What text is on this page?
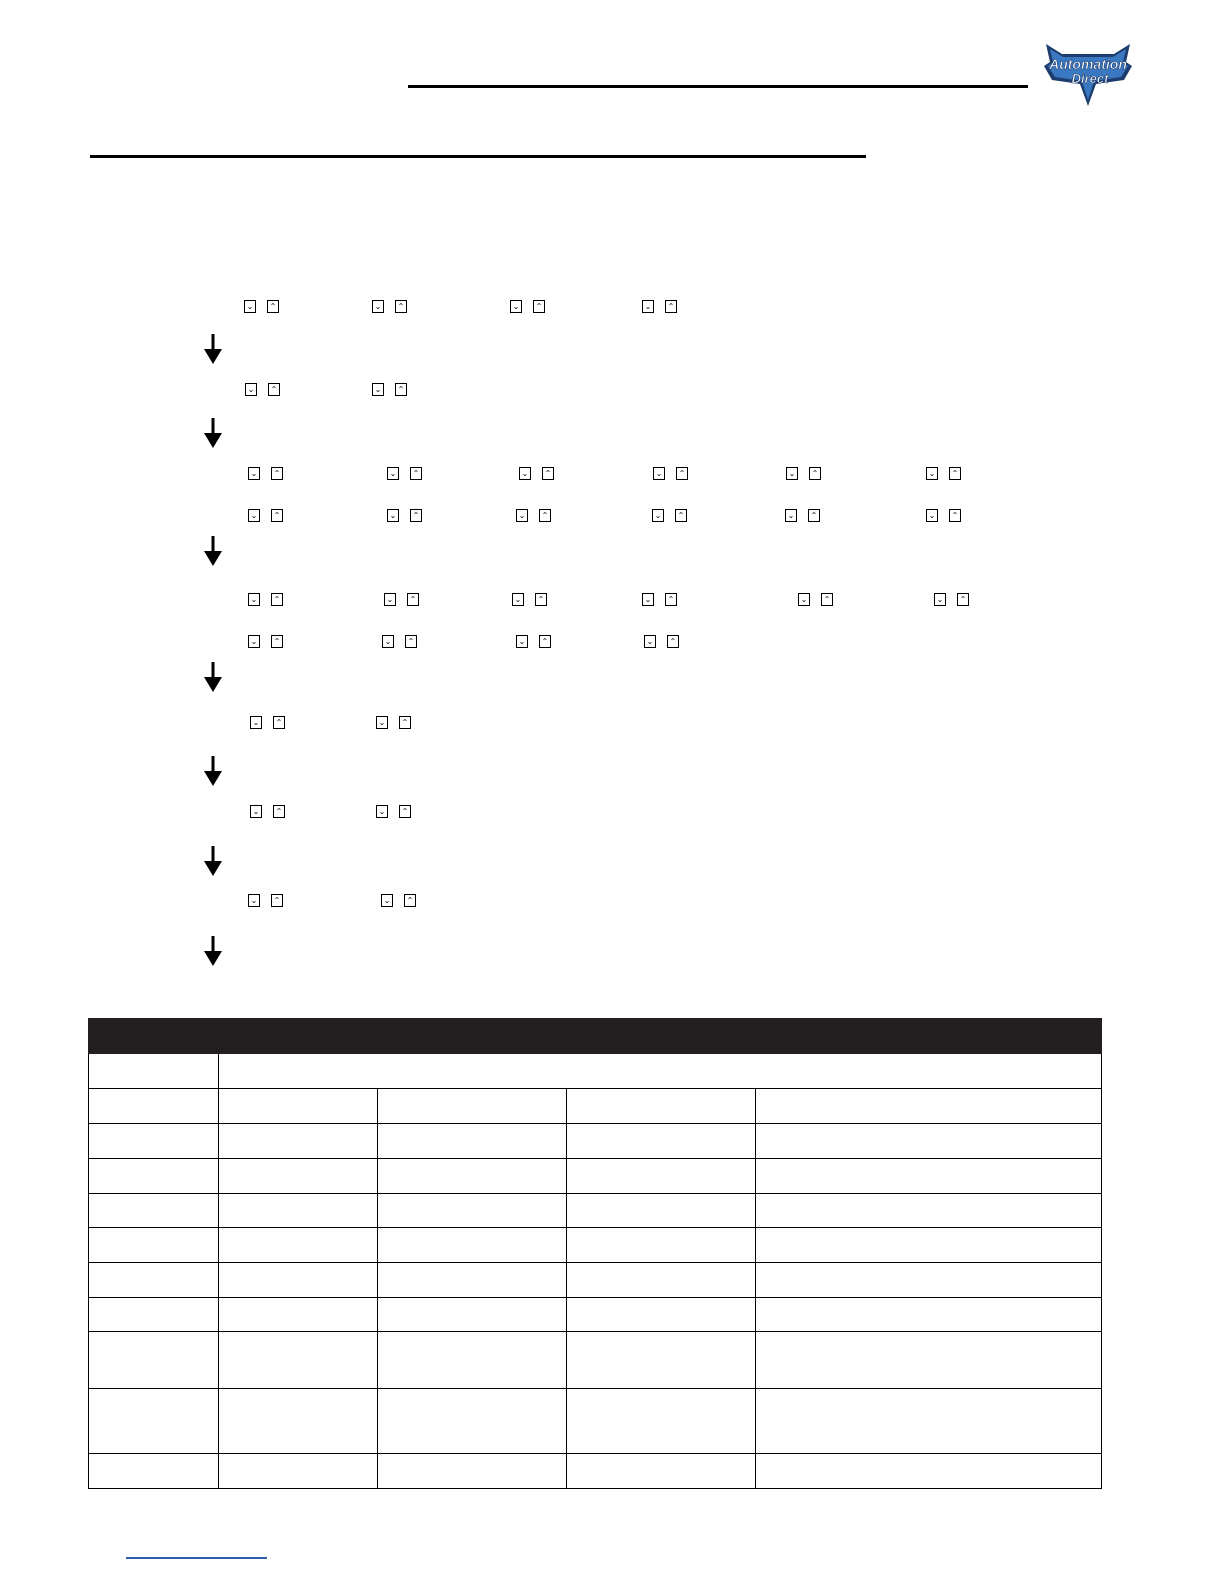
Automation
Direct
⌄	⌃	⌄	⌃	⌄	⌃	⌄	⌃
⌄	⌃	⌄	⌃
⌄	⌃	⌄	⌃	⌄	⌃	⌄	⌃	⌄	⌃	⌄	⌃
⌄	⌃	⌄	⌃	⌄	⌃	⌄	⌃	⌄	⌃	⌄	⌃
⌄	⌃	⌄	⌃	⌄	⌃	⌄	⌃	⌄	⌃	⌄	⌃
⌄	⌃	⌄	⌃	⌄	⌃	⌄	⌃
⌄	⌃	⌄	⌃
⌄	⌃	⌄	⌃
⌄	⌃	⌄	⌃
